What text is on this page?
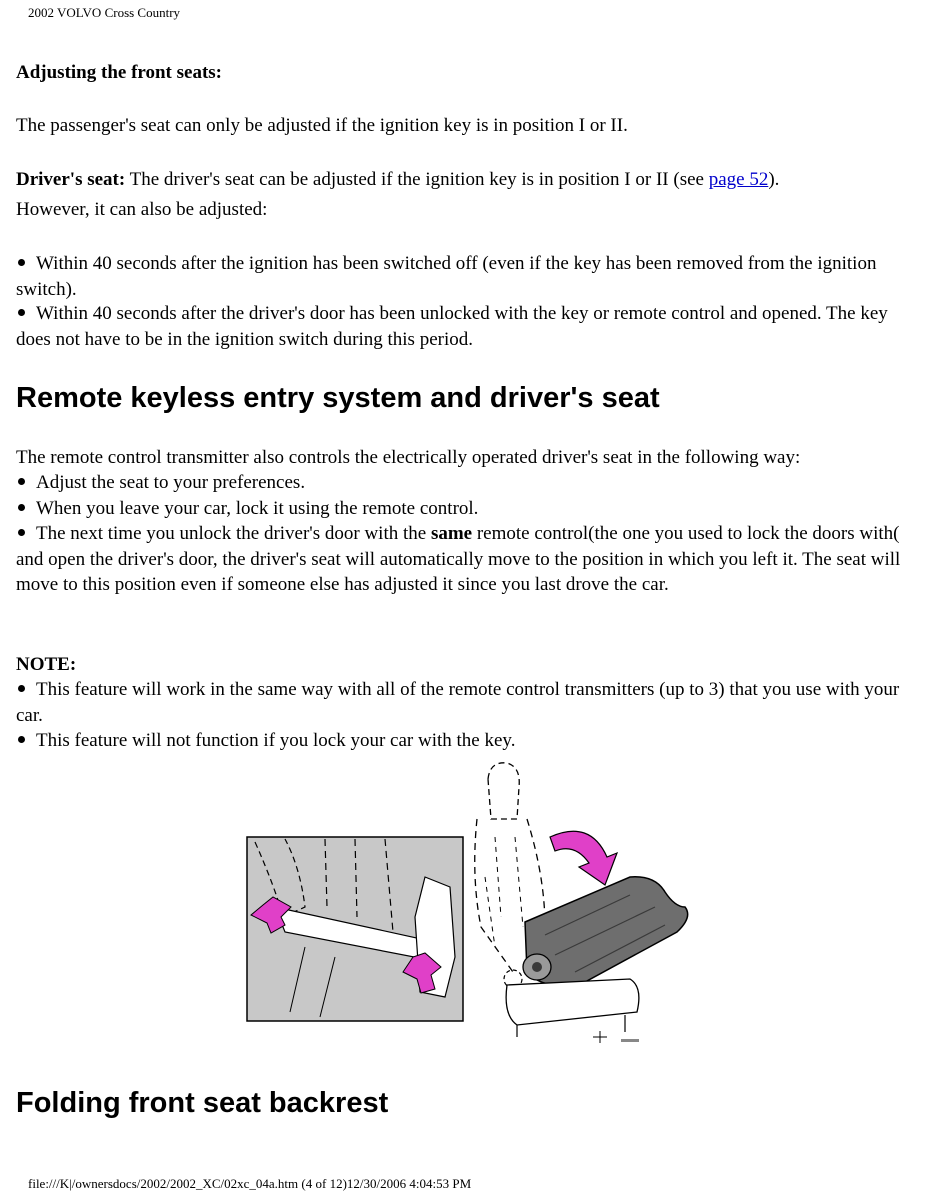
2002 VOLVO Cross Country
Adjusting the front seats:
The passenger's seat can only be adjusted if the ignition key is in position I or II.
Driver's seat: The driver's seat can be adjusted if the ignition key is in position I or II (see page 52).
However, it can also be adjusted:
Within 40 seconds after the ignition has been switched off (even if the key has been removed from the ignition switch).
Within 40 seconds after the driver's door has been unlocked with the key or remote control and opened. The key does not have to be in the ignition switch during this period.
Remote keyless entry system and driver's seat
The remote control transmitter also controls the electrically operated driver's seat in the following way:
Adjust the seat to your preferences.
When you leave your car, lock it using the remote control.
The next time you unlock the driver's door with the same remote control(the one you used to lock the doors with( and open the driver's door, the driver's seat will automatically move to the position in which you left it. The seat will move to this position even if someone else has adjusted it since you last drove the car.
NOTE:
This feature will work in the same way with all of the remote control transmitters (up to 3) that you use with your car.
This feature will not function if you lock your car with the key.
Folding front seat backrest
file:///K|/ownersdocs/2002/2002_XC/02xc_04a.htm (4 of 12)12/30/2006 4:04:53 PM
